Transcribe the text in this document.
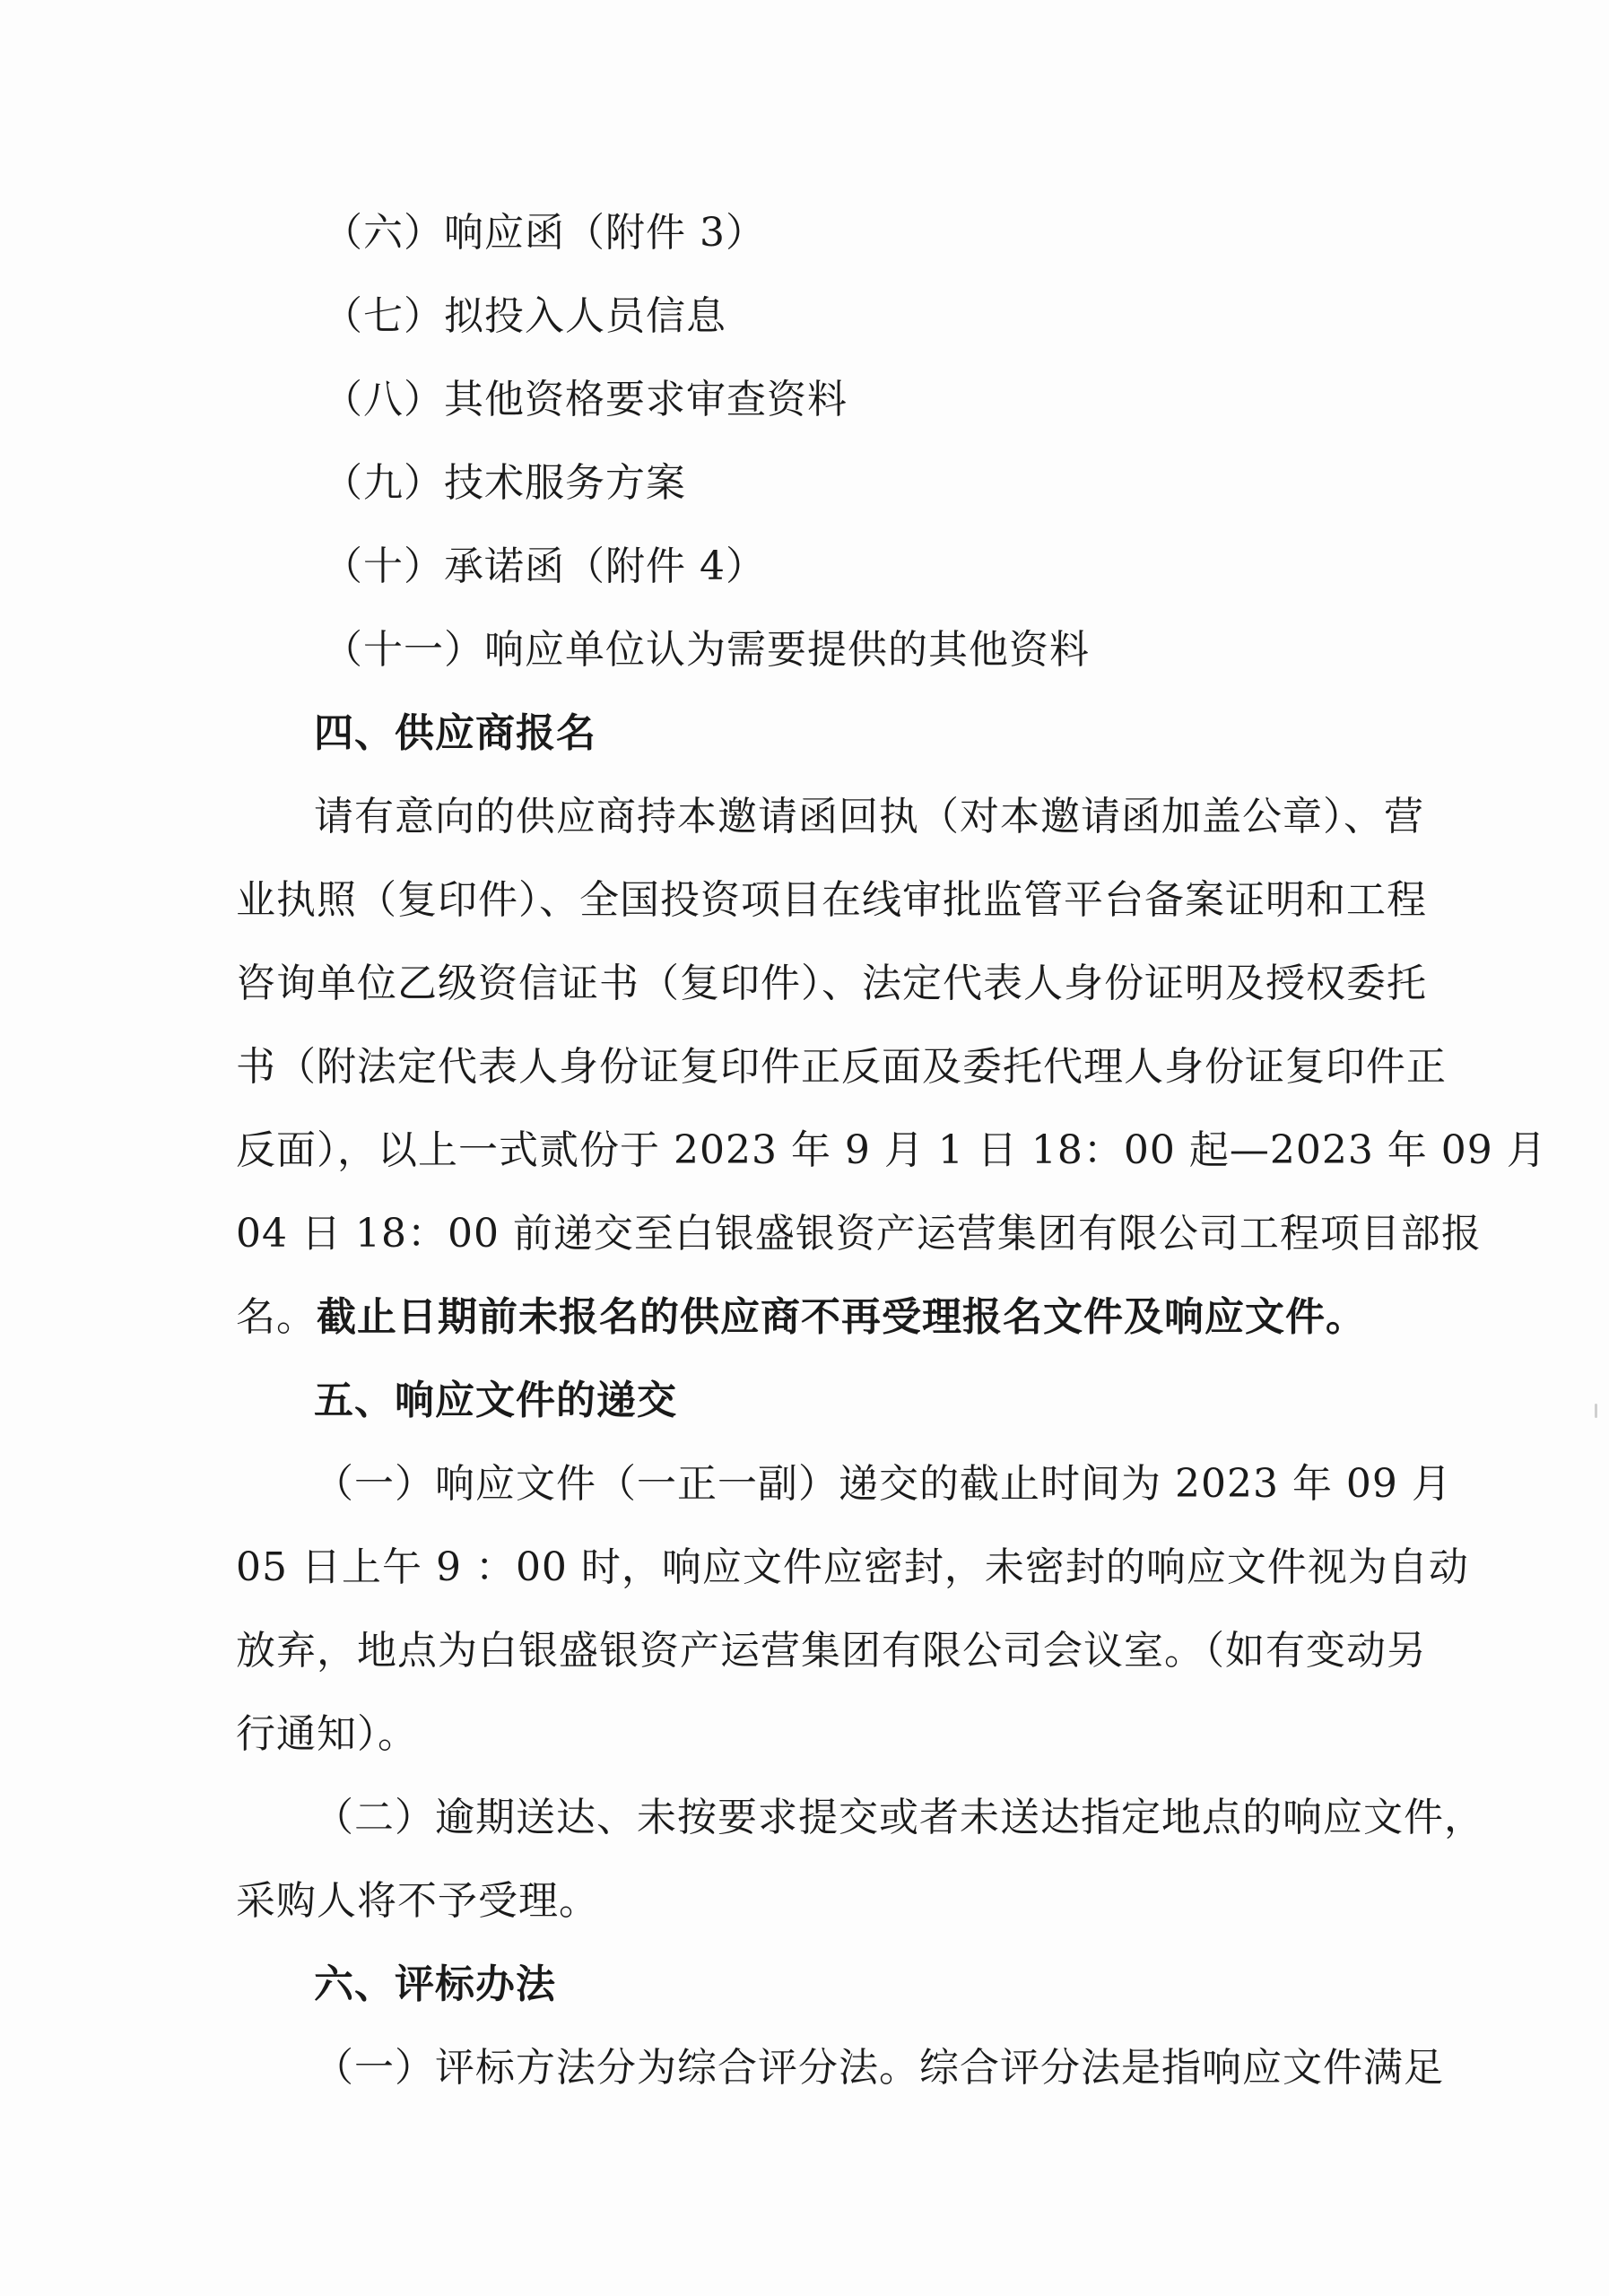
（六）响应函（附件 3）
（七）拟投入人员信息
（八）其他资格要求审查资料
（九）技术服务方案
（十）承诺函（附件 4）
（十一）响应单位认为需要提供的其他资料
四、供应商报名
请有意向的供应商持本邀请函回执（对本邀请函加盖公章）、营
业执照（复印件）、全国投资项目在线审批监管平台备案证明和工程
咨询单位乙级资信证书（复印件）、法定代表人身份证明及授权委托
书（附法定代表人身份证复印件正反面及委托代理人身份证复印件正
反面），以上一式贰份于 2023 年 9 月 1 日 18：00 起—2023 年 09 月
04 日 18：00 前递交至白银盛银资产运营集团有限公司工程项目部报
名。截止日期前未报名的供应商不再受理报名文件及响应文件。
五、响应文件的递交
（一）响应文件（一正一副）递交的截止时间为 2023 年 09 月
05 日上午 9 ：00 时，响应文件应密封，未密封的响应文件视为自动
放弃，地点为白银盛银资产运营集团有限公司会议室。（如有变动另
行通知）。
（二）逾期送达、未按要求提交或者未送达指定地点的响应文件，
采购人将不予受理。
六、评标办法
（一）评标方法分为综合评分法。综合评分法是指响应文件满足
